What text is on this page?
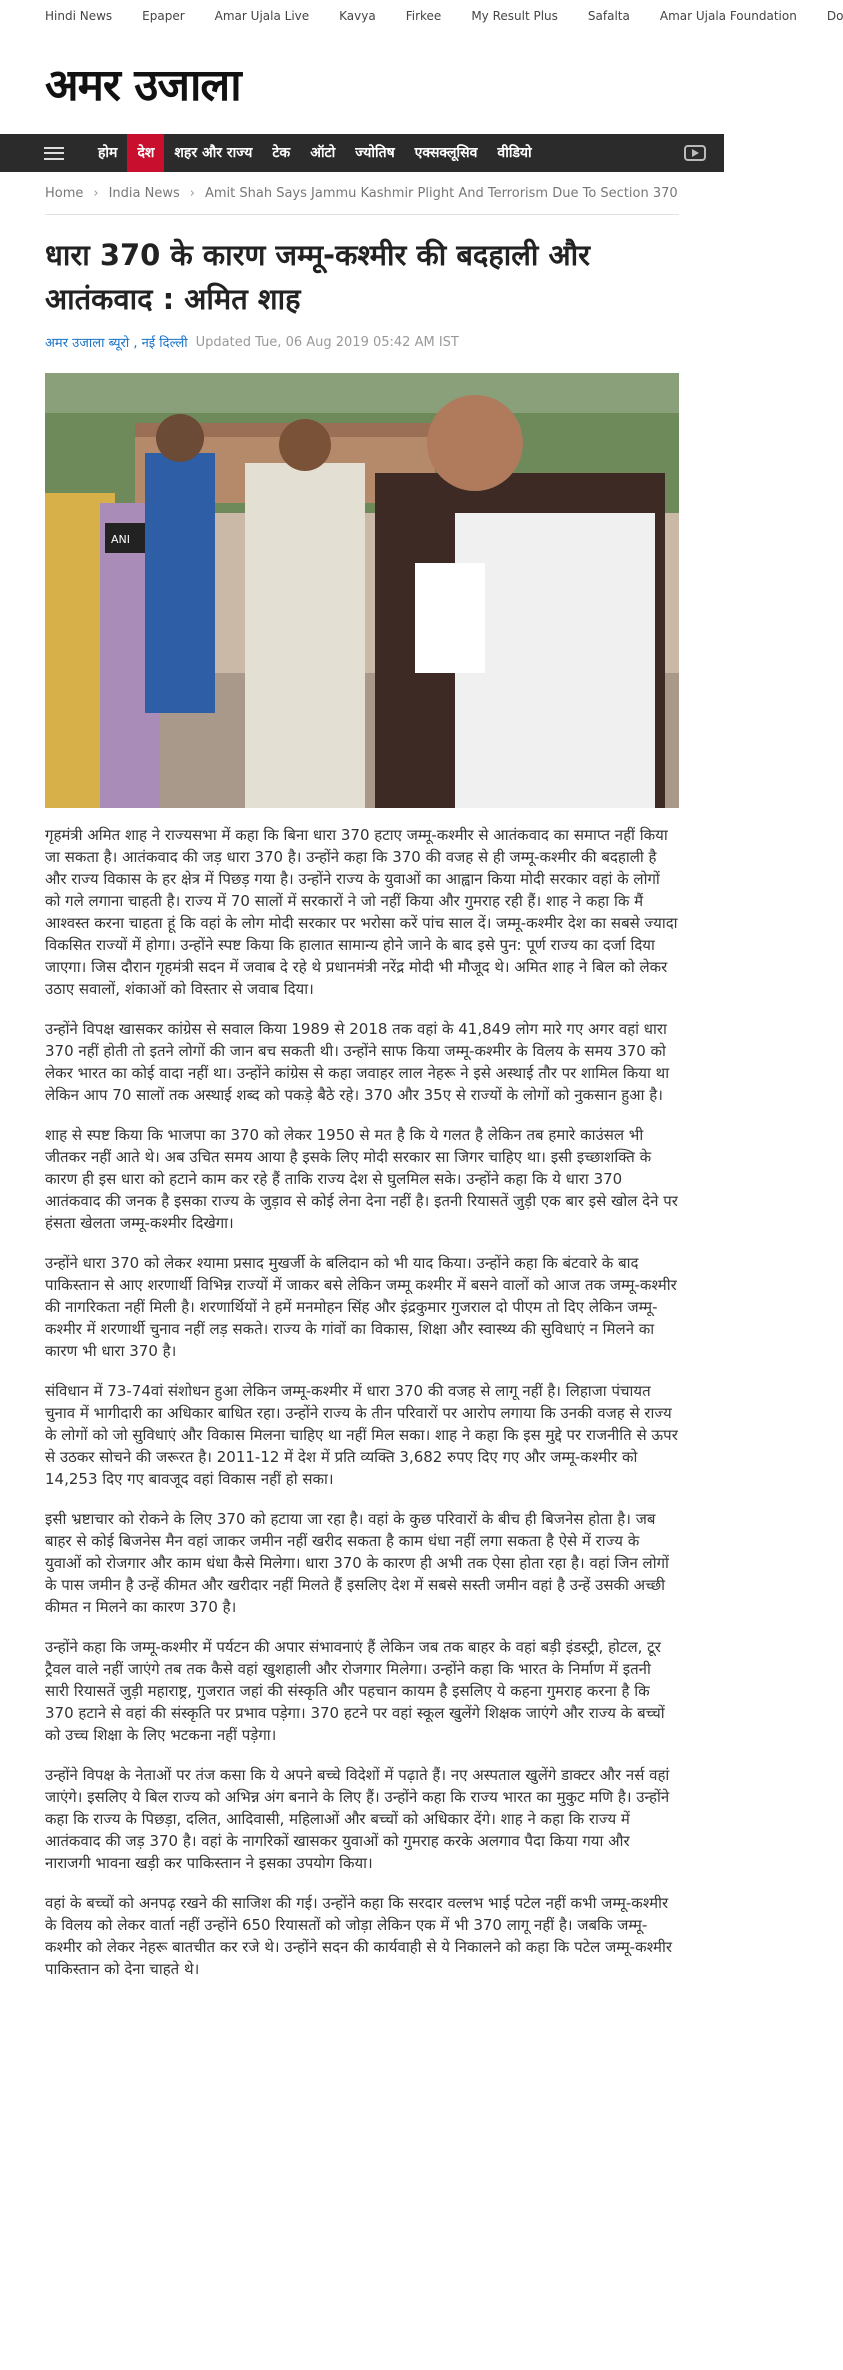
Hindi News	Epaper	Amar Ujala Live	Kavya	Firkee	My Result Plus	Safalta	Amar Ujala Foundation	Do
अमर उजाला
होम	देश	शहर और राज्य	टेक	ऑटो	ज्योतिष	एक्सक्लूसिव	वीडियो
Home › India News › Amit Shah Says Jammu Kashmir Plight And Terrorism Due To Section 370
धारा 370 के कारण जम्मू-कश्मीर की बदहाली और आतंकवाद : अमित शाह
अमर उजाला ब्यूरो , नई दिल्ली Updated Tue, 06 Aug 2019 05:42 AM IST
ANI

गृहमंत्री अमित शाह ने राज्यसभा में कहा कि बिना धारा 370 हटाए जम्मू-कश्मीर से आतंकवाद का समाप्त नहीं किया जा सकता है। आतंकवाद की जड़ धारा 370 है। उन्होंने कहा कि 370 की वजह से ही जम्मू-कश्मीर की बदहाली है और राज्य विकास के हर क्षेत्र में पिछड़ गया है। उन्होंने राज्य के युवाओं का आह्वान किया मोदी सरकार वहां के लोगों को गले लगाना चाहती है। राज्य में 70 सालों में सरकारों ने जो नहीं किया और गुमराह रही हैं। शाह ने कहा कि मैं आश्वस्त करना चाहता हूं कि वहां के लोग मोदी सरकार पर भरोसा करें पांच साल दें। जम्मू-कश्मीर देश का सबसे ज्यादा विकसित राज्यों में होगा। उन्होंने स्पष्ट किया कि हालात सामान्य होने जाने के बाद इसे पुन: पूर्ण राज्य का दर्जा दिया जाएगा। जिस दौरान गृहमंत्री सदन में जवाब दे रहे थे प्रधानमंत्री नरेंद्र मोदी भी मौजूद थे। अमित शाह ने बिल को लेकर उठाए सवालों, शंकाओं को विस्तार से जवाब दिया।

उन्होंने विपक्ष खासकर कांग्रेस से सवाल किया 1989 से 2018 तक वहां के 41,849 लोग मारे गए अगर वहां धारा 370 नहीं होती तो इतने लोगों की जान बच सकती थी। उन्होंने साफ किया जम्मू-कश्मीर के विलय के समय 370 को लेकर भारत का कोई वादा नहीं था। उन्होंने कांग्रेस से कहा जवाहर लाल नेहरू ने इसे अस्थाई तौर पर शामिल किया था लेकिन आप 70 सालों तक अस्थाई शब्द को पकड़े बैठे रहे। 370 और 35ए से राज्यों के लोगों को नुकसान हुआ है।

शाह से स्पष्ट किया कि भाजपा का 370 को लेकर 1950 से मत है कि ये गलत है लेकिन तब हमारे काउंसल भी जीतकर नहीं आते थे। अब उचित समय आया है इसके लिए मोदी सरकार सा जिगर चाहिए था। इसी इच्छाशक्ति के कारण ही इस धारा को हटाने काम कर रहे हैं ताकि राज्य देश से घुलमिल सके। उन्होंने कहा कि ये धारा 370 आतंकवाद की जनक है इसका राज्य के जुड़ाव से कोई लेना देना नहीं है। इतनी रियासतें जुड़ी एक बार इसे खोल देने पर हंसता खेलता जम्मू-कश्मीर दिखेगा।

उन्होंने धारा 370 को लेकर श्यामा प्रसाद मुखर्जी के बलिदान को भी याद किया। उन्होंने कहा कि बंटवारे के बाद पाकिस्तान से आए शरणार्थी विभिन्न राज्यों में जाकर बसे लेकिन जम्मू कश्मीर में बसने वालों को आज तक जम्मू-कश्मीर की नागरिकता नहीं मिली है। शरणार्थियों ने हमें मनमोहन सिंह और इंद्रकुमार गुजराल दो पीएम तो दिए लेकिन जम्मू-कश्मीर में शरणार्थी चुनाव नहीं लड़ सकते। राज्य के गांवों का विकास, शिक्षा और स्वास्थ्य की सुविधाएं न मिलने का कारण भी धारा 370 है।

संविधान में 73-74वां संशोधन हुआ लेकिन जम्मू-कश्मीर में धारा 370 की वजह से लागू नहीं है। लिहाजा पंचायत चुनाव में भागीदारी का अधिकार बाधित रहा। उन्होंने राज्य के तीन परिवारों पर आरोप लगाया कि उनकी वजह से राज्य के लोगों को जो सुविधाएं और विकास मिलना चाहिए था नहीं मिल सका। शाह ने कहा कि इस मुद्दे पर राजनीति से ऊपर से उठकर सोचने की जरूरत है। 2011-12 में देश में प्रति व्यक्ति 3,682 रुपए दिए गए और जम्मू-कश्मीर को 14,253 दिए गए बावजूद वहां विकास नहीं हो सका।

इसी भ्रष्टाचार को रोकने के लिए 370 को हटाया जा रहा है। वहां के कुछ परिवारों के बीच ही बिजनेस होता है। जब बाहर से कोई बिजनेस मैन वहां जाकर जमीन नहीं खरीद सकता है काम धंधा नहीं लगा सकता है ऐसे में राज्य के युवाओं को रोजगार और काम धंधा कैसे मिलेगा। धारा 370 के कारण ही अभी तक ऐसा होता रहा है। वहां जिन लोगों के पास जमीन है उन्हें कीमत और खरीदार नहीं मिलते हैं इसलिए देश में सबसे सस्ती जमीन वहां है उन्हें उसकी अच्छी कीमत न मिलने का कारण 370 है।

उन्होंने कहा कि जम्मू-कश्मीर में पर्यटन की अपार संभावनाएं हैं लेकिन जब तक बाहर के वहां बड़ी इंडस्ट्री, होटल, टूर ट्रैवल वाले नहीं जाएंगे तब तक कैसे वहां खुशहाली और रोजगार मिलेगा। उन्होंने कहा कि भारत के निर्माण में इतनी सारी रियासतें जुड़ी महाराष्ट्र, गुजरात जहां की संस्कृति और पहचान कायम है इसलिए ये कहना गुमराह करना है कि 370 हटाने से वहां की संस्कृति पर प्रभाव पड़ेगा। 370 हटने पर वहां स्कूल खुलेंगे शिक्षक जाएंगे और राज्य के बच्चों को उच्च शिक्षा के लिए भटकना नहीं पड़ेगा।

उन्होंने विपक्ष के नेताओं पर तंज कसा कि ये अपने बच्चे विदेशों में पढ़ाते हैं। नए अस्पताल खुलेंगे डाक्टर और नर्स वहां जाएंगे। इसलिए ये बिल राज्य को अभिन्न अंग बनाने के लिए हैं। उन्होंने कहा कि राज्य भारत का मुकुट मणि है। उन्होंने कहा कि राज्य के पिछड़ा, दलित, आदिवासी, महिलाओं और बच्चों को अधिकार देंगे। शाह ने कहा कि राज्य में आतंकवाद की जड़ 370 है। वहां के नागरिकों खासकर युवाओं को गुमराह करके अलगाव पैदा किया गया और नाराजगी भावना खड़ी कर पाकिस्तान ने इसका उपयोग किया।

वहां के बच्चों को अनपढ़ रखने की साजिश की गई। उन्होंने कहा कि सरदार वल्लभ भाई पटेल नहीं कभी जम्मू-कश्मीर के विलय को लेकर वार्ता नहीं उन्होंने 650 रियासतों को जोड़ा लेकिन एक में भी 370 लागू नहीं है। जबकि जम्मू-कश्मीर को लेकर नेहरू बातचीत कर रजे थे। उन्होंने सदन की कार्यवाही से ये निकालने को कहा कि पटेल जम्मू-कश्मीर पाकिस्तान को देना चाहते थे।
